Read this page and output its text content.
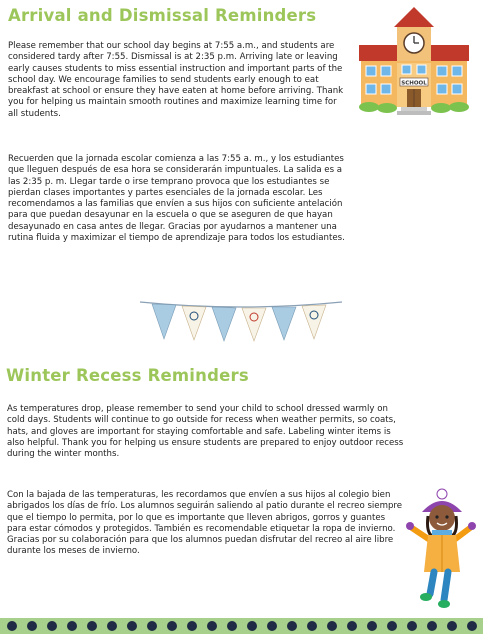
Arrival and Dismissal Reminders

Please remember that our school day begins at 7:55 a.m., and students are considered tardy after 7:55. Dismissal is at 2:35 p.m. Arriving late or leaving early causes students to miss essential instruction and important parts of the school day. We encourage families to send students early enough to eat breakfast at school or ensure they have eaten at home before arriving. Thank you for helping us maintain smooth routines and maximize learning time for all students.

Recuerden que la jornada escolar comienza a las 7:55 a. m., y los estudiantes que lleguen después de esa hora se considerarán impuntuales. La salida es a las 2:35 p. m. Llegar tarde o irse temprano provoca que los estudiantes se pierdan clases importantes y partes esenciales de la jornada escolar. Les recomendamos a las familias que envíen a sus hijos con suficiente antelación para que puedan desayunar en la escuela o que se aseguren de que hayan desayunado en casa antes de llegar. Gracias por ayudarnos a mantener una rutina fluida y maximizar el tiempo de aprendizaje para todos los estudiantes.

SCHOOL
Winter Recess Reminders

As temperatures drop, please remember to send your child to school dressed warmly on cold days. Students will continue to go outside for recess when weather permits, so coats, hats, and gloves are important for staying comfortable and safe. Labeling winter items is also helpful. Thank you for helping us ensure students are prepared to enjoy outdoor recess during the winter months.

Con la bajada de las temperaturas, les recordamos que envíen a sus hijos al colegio bien abrigados los días de frío. Los alumnos seguirán saliendo al patio durante el recreo siempre que el tiempo lo permita, por lo que es importante que lleven abrigos, gorros y guantes para estar cómodos y protegidos. También es recomendable etiquetar la ropa de invierno. Gracias por su colaboración para que los alumnos puedan disfrutar del recreo al aire libre durante los meses de invierno.
